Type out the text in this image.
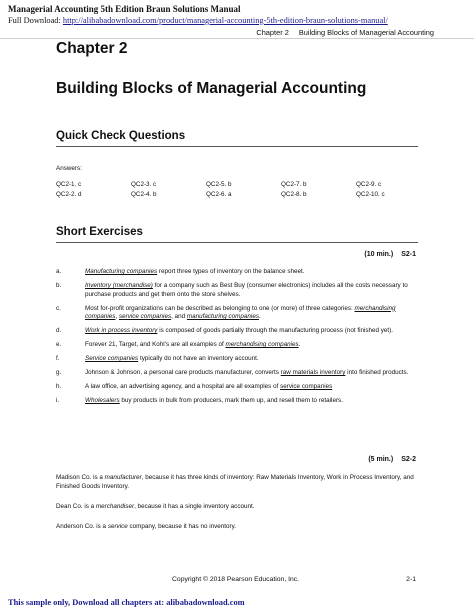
Managerial Accounting 5th Edition Braun Solutions Manual
Full Download: http://alibabadownload.com/product/managerial-accounting-5th-edition-braun-solutions-manual/
Chapter 2 Building Blocks of Managerial Accounting
Chapter 2
Building Blocks of Managerial Accounting
Quick Check Questions
Answers:
QC2-1. c	QC2-3. c	QC2-5. b	QC2-7. b	QC2-9. c
QC2-2. d	QC2-4. b	QC2-6. a	QC2-8. b	QC2-10. c
Short Exercises
(10 min.) S2-1
a.	Manufacturing companies report three types of inventory on the balance sheet.
b.	Inventory (merchandise) for a company such as Best Buy (consumer electronics) includes all the costs necessary to purchase products and get them onto the store shelves.
c.	Most for-profit organizations can be described as belonging to one (or more) of three categories: merchandising companies, service companies, and manufacturing companies.
d.	Work in process inventory is composed of goods partially through the manufacturing process (not finished yet).
e.	Forever 21, Target, and Kohl’s are all examples of merchandising companies.
f.	Service companies typically do not have an inventory account.
g.	Johnson & Johnson, a personal care products manufacturer, converts raw materials inventory into finished products.
h.	A law office, an advertising agency, and a hospital are all examples of service companies
i.	Wholesalers buy products in bulk from producers, mark them up, and resell them to retailers.
(5 min.) S2-2
Madison Co. is a manufacturer, because it has three kinds of inventory: Raw Materials Inventory, Work in Process Inventory, and Finished Goods Inventory.
Dean Co. is a merchandiser, because it has a single inventory account.
Anderson Co. is a service company, because it has no inventory.
Copyright © 2018 Pearson Education, Inc.	2-1
This sample only, Download all chapters at: alibabadownload.com
